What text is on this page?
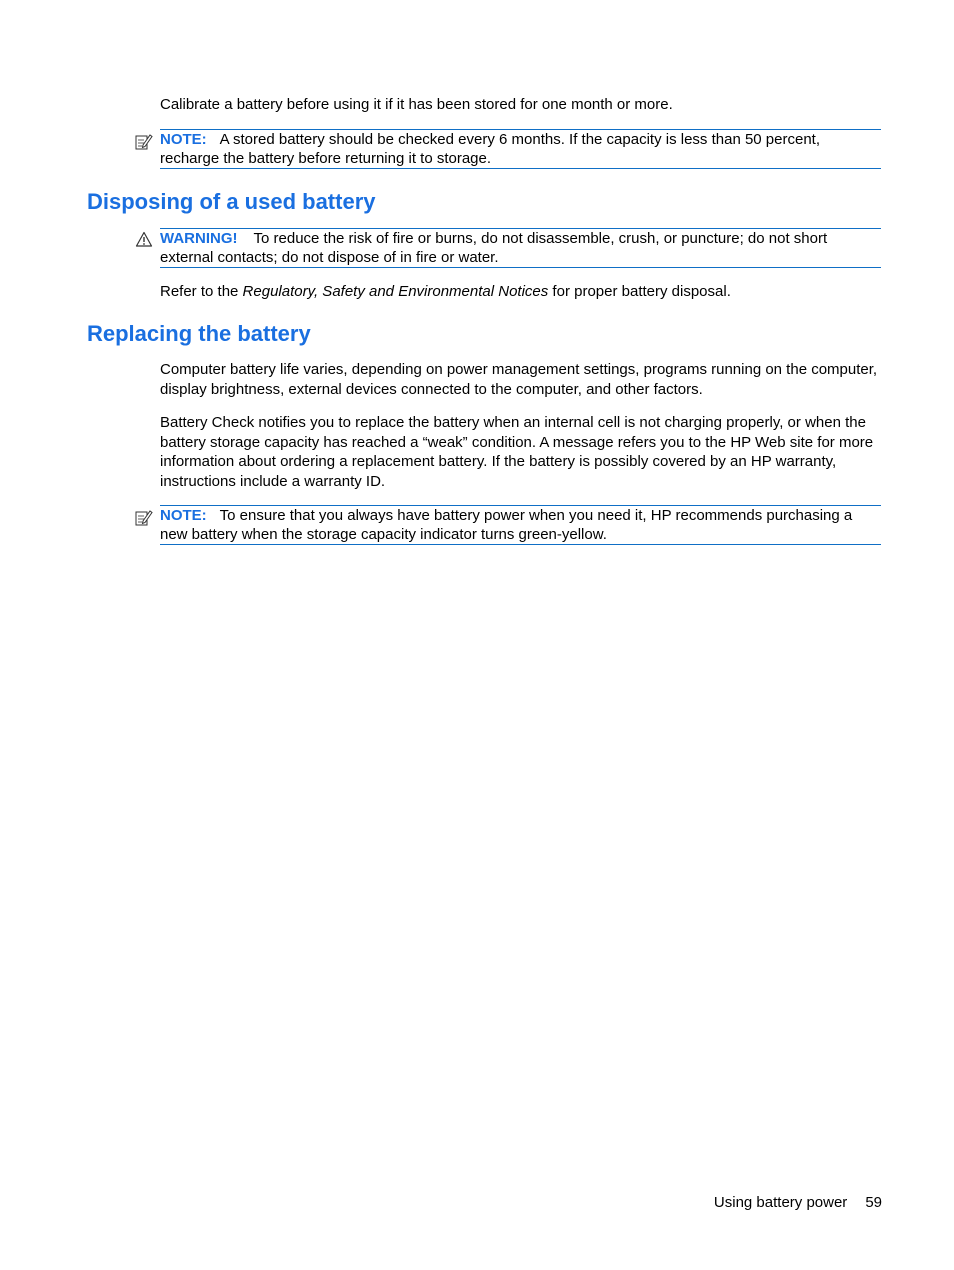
Calibrate a battery before using it if it has been stored for one month or more.

NOTE: A stored battery should be checked every 6 months. If the capacity is less than 50 percent, recharge the battery before returning it to storage.
Disposing of a used battery
WARNING! To reduce the risk of fire or burns, do not disassemble, crush, or puncture; do not short external contacts; do not dispose of in fire or water.

Refer to the Regulatory, Safety and Environmental Notices for proper battery disposal.

Replacing the battery

Computer battery life varies, depending on power management settings, programs running on the computer, display brightness, external devices connected to the computer, and other factors.

Battery Check notifies you to replace the battery when an internal cell is not charging properly, or when the battery storage capacity has reached a “weak” condition. A message refers you to the HP Web site for more information about ordering a replacement battery. If the battery is possibly covered by an HP warranty, instructions include a warranty ID.

NOTE: To ensure that you always have battery power when you need it, HP recommends purchasing a new battery when the storage capacity indicator turns green-yellow.
Using battery power 59
